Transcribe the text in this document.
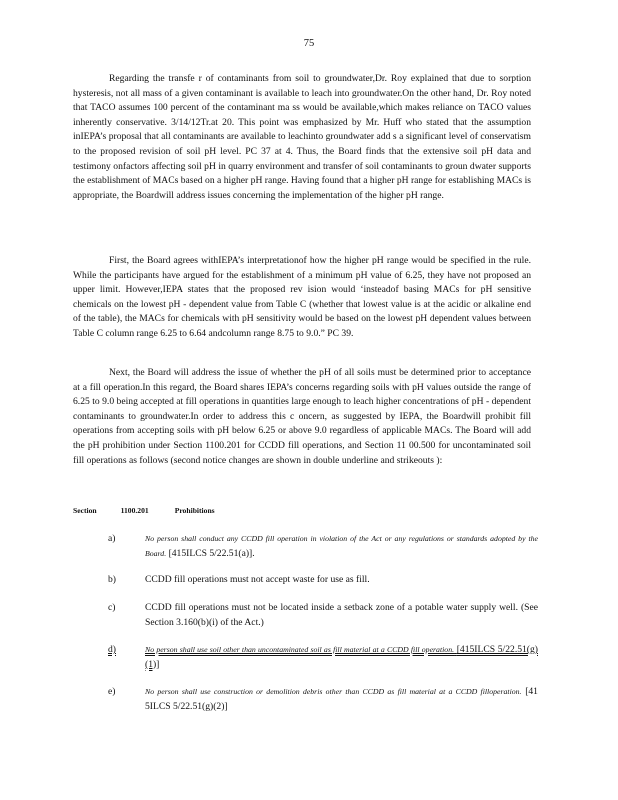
75

Regarding the transfe r of contaminants from soil to groundwater,Dr. Roy explained that due to sorption hysteresis, not all mass of a given contaminant is available to leach into groundwater.On the other hand, Dr. Roy noted that TACO assumes 100 percent of the contaminant ma ss would be available,which makes reliance on TACO values inherently conservative. 3/14/12Tr.at 20. This point was emphasized by Mr. Huff who stated that the assumption inIEPA’s proposal that all contaminants are available to leachinto groundwater add s a significant level of conservatism to the proposed revision of soil pH level. PC 37 at 4. Thus, the Board finds that the extensive soil pH data and testimony onfactors affecting soil pH in quarry environment and transfer of soil contaminants to groun dwater supports the establishment of MACs based on a higher pH range. Having found that a higher pH range for establishing MACs is appropriate, the Boardwill address issues concerning the implementation of the higher pH range.

First, the Board agrees withIEPA’s interpretationof how the higher pH range would be specified in the rule. While the participants have argued for the establishment of a minimum pH value of 6.25, they have not proposed an upper limit. However,IEPA states that the proposed rev ision would ‘insteadof basing MACs for pH sensitive chemicals on the lowest pH - dependent value from Table C (whether that lowest value is at the acidic or alkaline end of the table), the MACs for chemicals with pH sensitivity would be based on the lowest pH dependent values between Table C column range 6.25 to 6.64 andcolumn range 8.75 to 9.0.” PC 39.

Next, the Board will address the issue of whether the pH of all soils must be determined prior to acceptance at a fill operation.In this regard, the Board shares IEPA’s concerns regarding soils with pH values outside the range of 6.25 to 9.0 being accepted at fill operations in quantities large enough to leach higher concentrations of pH - dependent contaminants to groundwater.In order to address this c oncern, as suggested by IEPA, the Boardwill prohibit fill operations from accepting soils with pH below 6.25 or above 9.0 regardless of applicable MACs. The Board will add the pH prohibition under Section 1100.201 for CCDD fill operations, and Section 11 00.500 for uncontaminated soil fill operations as follows (second notice changes are shown in double underline and strikeouts ):

Section	1100.201	Prohibitions
a)	No person shall conduct any CCDD fill operation in violation of the Act or any regulations or standards adopted by the Board. [415ILCS 5/22.51(a)].
b)	CCDD fill operations must not accept waste for use as fill.
c)	CCDD fill operations must not be located inside a setback zone of a potable water supply well. (See Section 3.160(b)(i) of the Act.)
d)	No person shall use soil other than uncontaminated soil as fill material at a CCDD fill operation. [415ILCS 5/22.51(g)(1)]
e)	No person shall use construction or demolition debris other than CCDD as fill material at a CCDD filloperation. [41 5ILCS 5/22.51(g)(2)]
